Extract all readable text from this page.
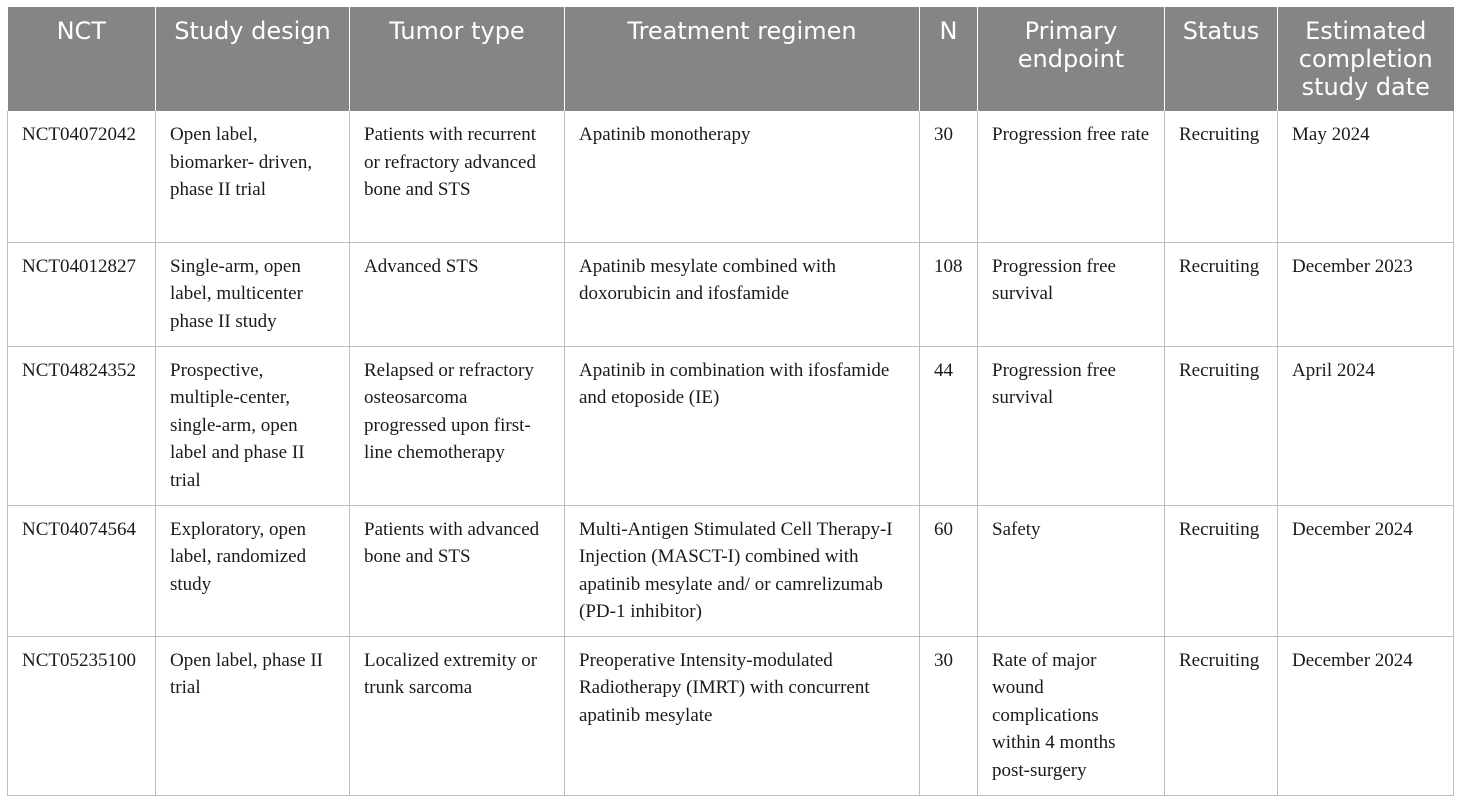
NCT	Study design	Tumor type	Treatment regimen	N	Primary endpoint	Status	Estimated completion study date
NCT04072042	Open label, biomarker- driven, phase II trial	Patients with recurrent or refractory advanced bone and STS	Apatinib monotherapy	30	Progression free rate	Recruiting	May 2024
NCT04012827	Single-arm, open label, multicenter phase II study	Advanced STS	Apatinib mesylate combined with doxorubicin and ifosfamide	108	Progression free survival	Recruiting	December 2023
NCT04824352	Prospective, multiple-center, single-arm, open label and phase II trial	Relapsed or refractory osteosarcoma progressed upon first-line chemotherapy	Apatinib in combination with ifosfamide and etoposide (IE)	44	Progression free survival	Recruiting	April 2024
NCT04074564	Exploratory, open label, randomized study	Patients with advanced bone and STS	Multi-Antigen Stimulated Cell Therapy-I Injection (MASCT-I) combined with apatinib mesylate and/ or camrelizumab (PD-1 inhibitor)	60	Safety	Recruiting	December 2024
NCT05235100	Open label, phase II trial	Localized extremity or trunk sarcoma	Preoperative Intensity-modulated Radiotherapy (IMRT) with concurrent apatinib mesylate	30	Rate of major wound complications within 4 months post-surgery	Recruiting	December 2024
